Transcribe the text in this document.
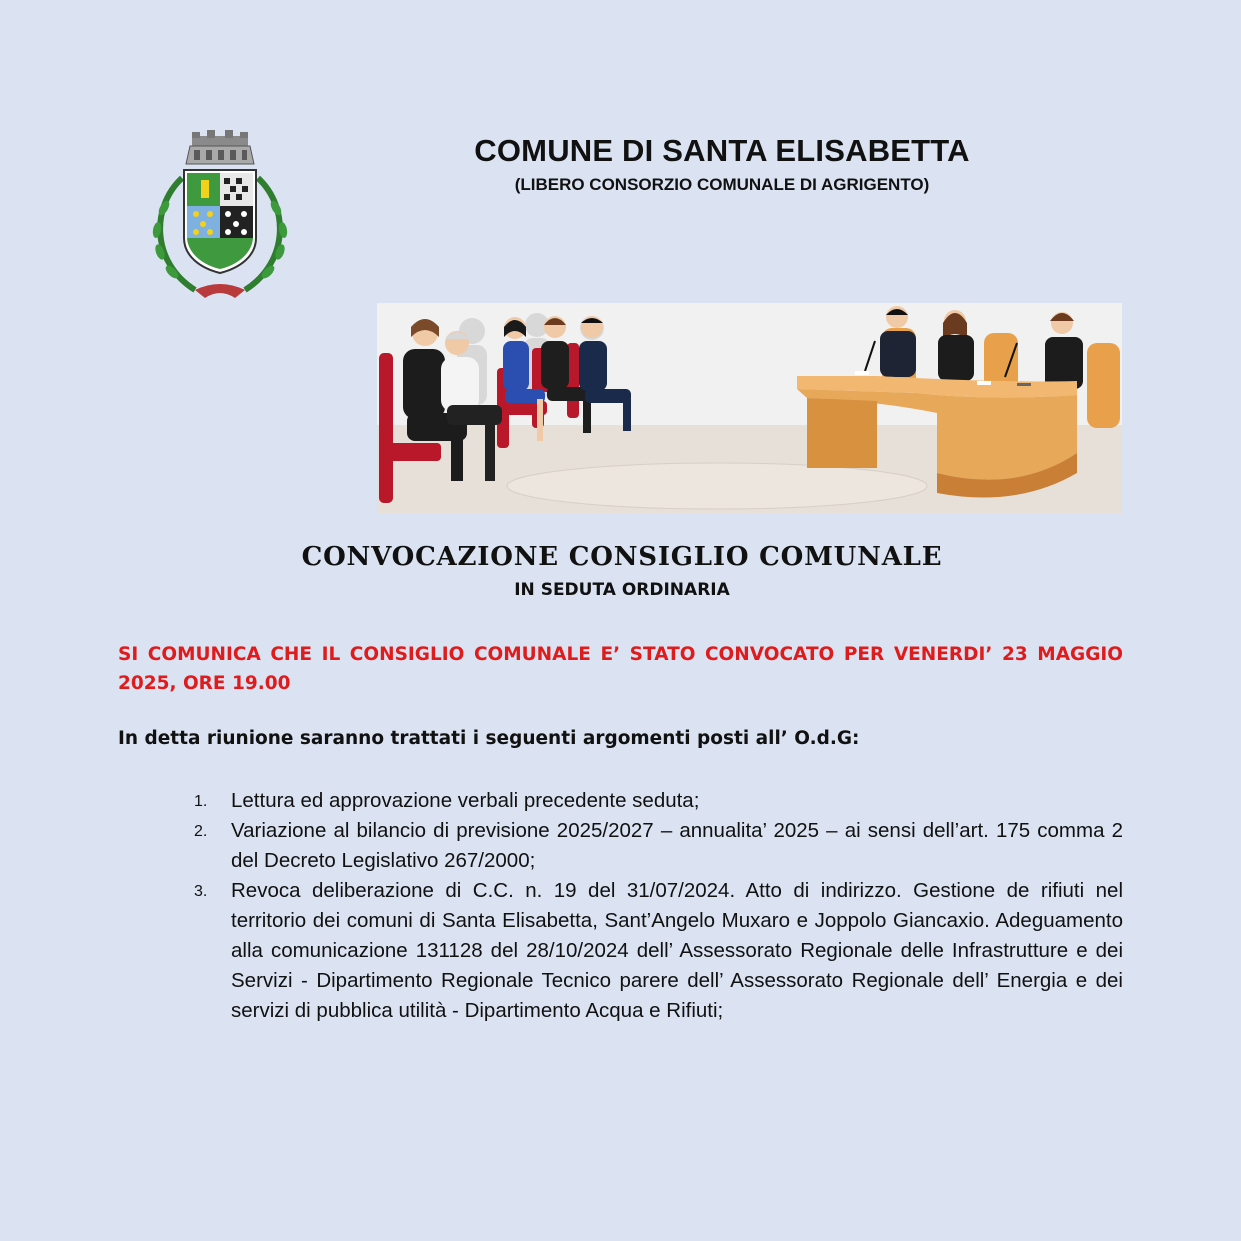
COMUNE DI SANTA ELISABETTA
(LIBERO CONSORZIO COMUNALE DI AGRIGENTO)
CONVOCAZIONE CONSIGLIO COMUNALE
IN SEDUTA ORDINARIA
SI COMUNICA CHE IL CONSIGLIO COMUNALE E’ STATO CONVOCATO PER VENERDI’ 23 MAGGIO 2025, ORE 19.00
In detta riunione saranno trattati i seguenti argomenti posti all’ O.d.G:
1. Lettura ed approvazione verbali precedente seduta;
2. Variazione al bilancio di previsione 2025/2027 – annualita’ 2025 – ai sensi dell’art. 175 comma 2 del Decreto Legislativo 267/2000;
3. Revoca deliberazione di C.C. n. 19 del 31/07/2024. Atto di indirizzo. Gestione de rifiuti nel territorio dei comuni di Santa Elisabetta, Sant’Angelo Muxaro e Joppolo Giancaxio. Adeguamento alla comunicazione 131128 del 28/10/2024 dell’ Assessorato Regionale delle Infrastrutture e dei Servizi - Dipartimento Regionale Tecnico parere dell’ Assessorato Regionale dell’ Energia e dei servizi di pubblica utilità - Dipartimento Acqua e Rifiuti;
